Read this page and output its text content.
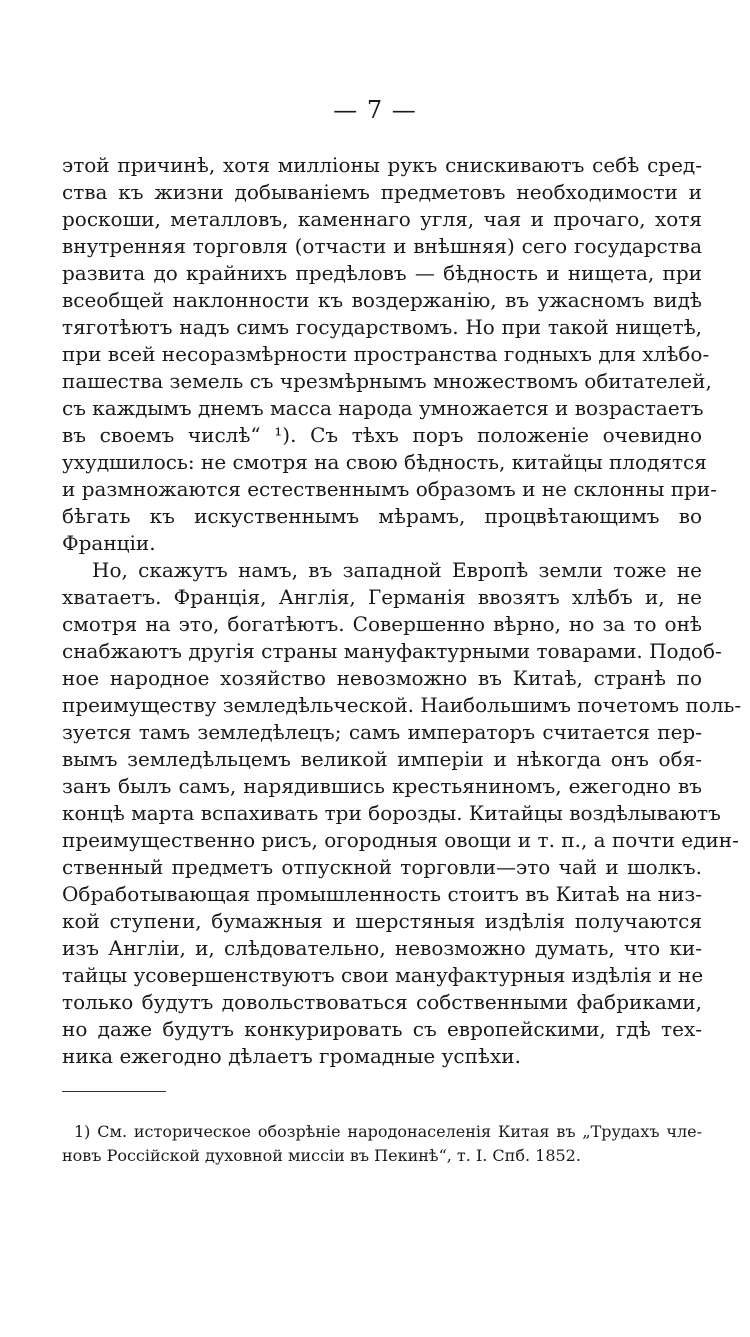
— 7 —
этой причинѣ, хотя милліоны рукъ снискиваютъ себѣ сред-
ства къ жизни добываніемъ предметовъ необходимости и
роскоши, металловъ, каменнаго угля, чая и прочаго, хотя
внутренняя торговля (отчасти и внѣшняя) сего государства
развита до крайнихъ предѣловъ — бѣдность и нищета, при
всеобщей наклонности къ воздержанію, въ ужасномъ видѣ
тяготѣютъ надъ симъ государствомъ. Но при такой нищетѣ,
при всей несоразмѣрности пространства годныхъ для хлѣбо-
пашества земель съ чрезмѣрнымъ множествомъ обитателей,
съ каждымъ днемъ масса народа умножается и возрастаетъ
въ своемъ числѣ“ ¹). Съ тѣхъ поръ положеніе очевидно
ухудшилось: не смотря на свою бѣдность, китайцы плодятся
и размножаются естественнымъ образомъ и не склонны при-
бѣгать къ искуственнымъ мѣрамъ, процвѣтающимъ во
Франціи.
Но, скажутъ намъ, въ западной Европѣ земли тоже не
хватаетъ. Франція, Англія, Германія ввозятъ хлѣбъ и, не
смотря на это, богатѣютъ. Совершенно вѣрно, но за то онѣ
снабжаютъ другія страны мануфактурными товарами. Подоб-
ное народное хозяйство невозможно въ Китаѣ, странѣ по
преимуществу земледѣльческой. Наибольшимъ почетомъ поль-
зуется тамъ земледѣлецъ; самъ императоръ считается пер-
вымъ земледѣльцемъ великой имперіи и нѣкогда онъ обя-
занъ былъ самъ, нарядившись крестьяниномъ, ежегодно въ
концѣ марта вспахивать три борозды. Китайцы воздѣлываютъ
преимущественно рисъ, огородныя овощи и т. п., а почти един-
ственный предметъ отпускной торговли—это чай и шолкъ.
Обработывающая промышленность стоитъ въ Китаѣ на низ-
кой ступени, бумажныя и шерстяныя издѣлія получаются
изъ Англіи, и, слѣдовательно, невозможно думать, что ки-
тайцы усовершенствуютъ свои мануфактурныя издѣлія и не
только будутъ довольствоваться собственными фабриками,
но даже будутъ конкурировать съ европейскими, гдѣ тех-
ника ежегодно дѣлаетъ громадные успѣхи.
1) См. историческое обозрѣніе народонаселенія Китая въ „Трудахъ чле-
новъ Россійской духовной миссіи въ Пекинѣ“, т. I. Спб. 1852.
